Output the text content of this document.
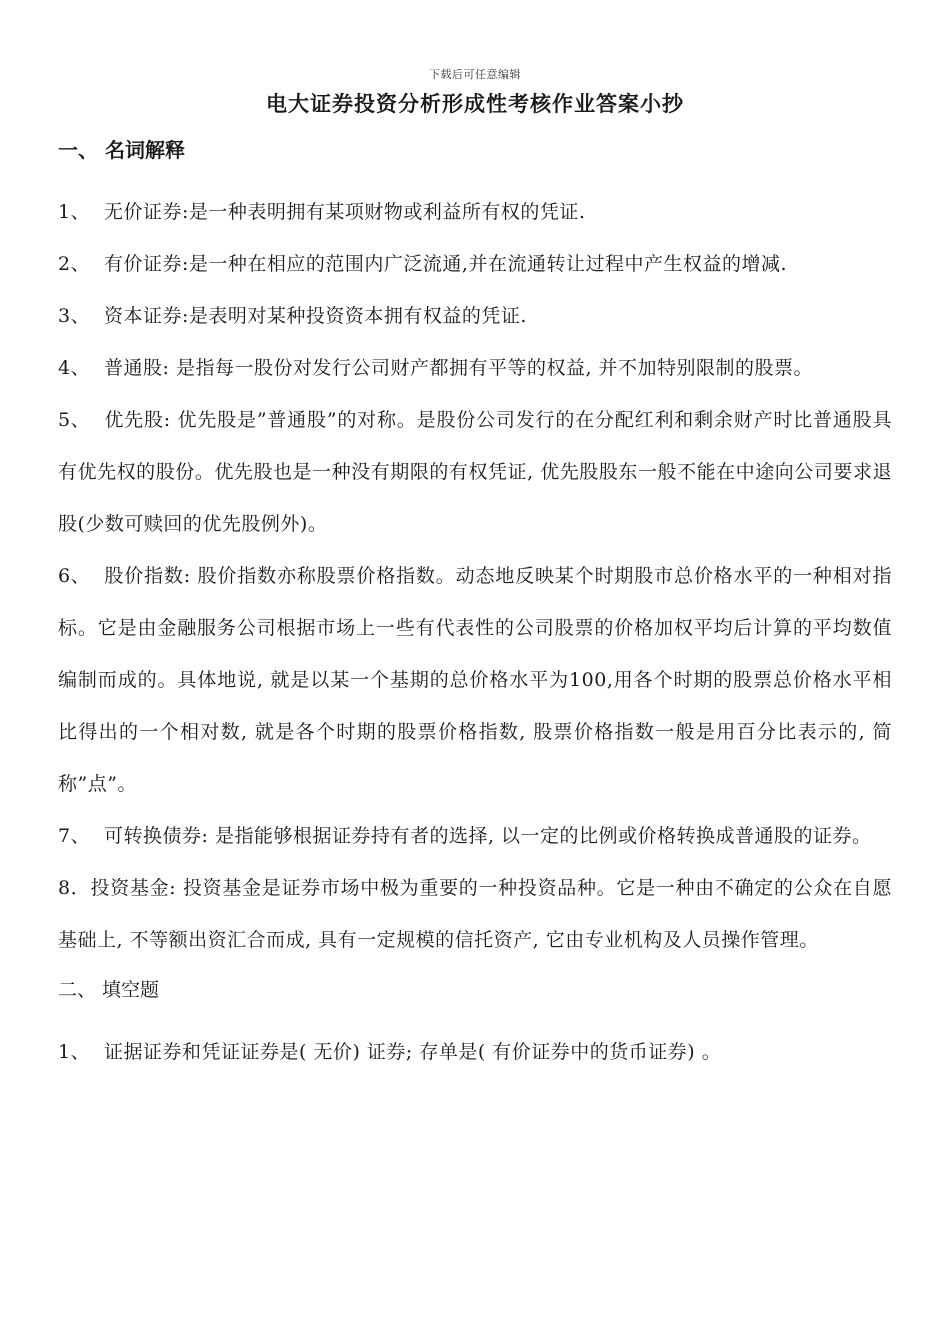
下载后可任意编辑
电大证券投资分析形成性考核作业答案小抄
一、 名词解释

1、 无价证券:是一种表明拥有某项财物或利益所有权的凭证.

2、 有价证券:是一种在相应的范围内广泛流通,并在流通转让过程中产生权益的增减.

3、 资本证券:是表明对某种投资资本拥有权益的凭证.

4、 普通股: 是指每一股份对发行公司财产都拥有平等的权益, 并不加特别限制的股票。

5、 优先股: 优先股是”普通股”的对称。是股份公司发行的在分配红利和剩余财产时比普通股具有优先权的股份。优先股也是一种没有期限的有权凭证, 优先股股东一般不能在中途向公司要求退股(少数可赎回的优先股例外)。

6、 股价指数: 股价指数亦称股票价格指数。动态地反映某个时期股市总价格水平的一种相对指标。它是由金融服务公司根据市场上一些有代表性的公司股票的价格加权平均后计算的平均数值编制而成的。具体地说, 就是以某一个基期的总价格水平为100,用各个时期的股票总价格水平相比得出的一个相对数, 就是各个时期的股票价格指数, 股票价格指数一般是用百分比表示的, 简称”点”。

7、 可转换债券: 是指能够根据证券持有者的选择, 以一定的比例或价格转换成普通股的证券。

8．投资基金: 投资基金是证券市场中极为重要的一种投资品种。它是一种由不确定的公众在自愿基础上, 不等额出资汇合而成, 具有一定规模的信托资产, 它由专业机构及人员操作管理。

二、 填空题

1、 证据证券和凭证证券是( 无价) 证券; 存单是( 有价证券中的货币证券) 。
